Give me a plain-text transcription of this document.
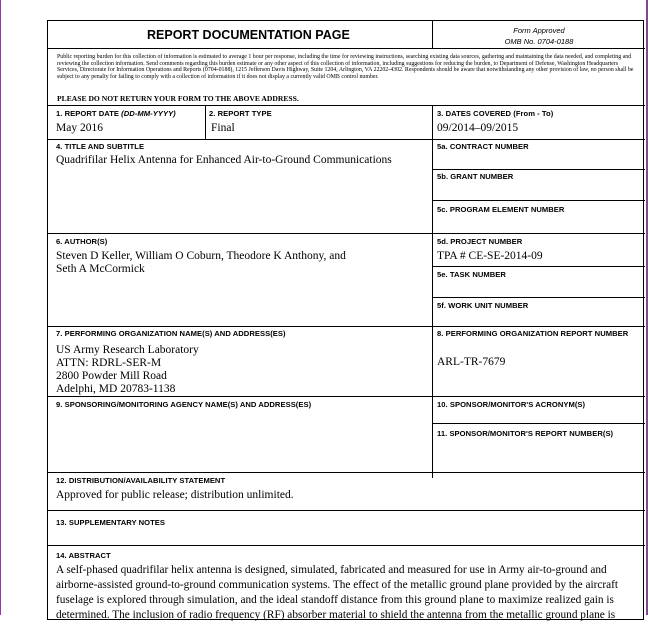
REPORT DOCUMENTATION PAGE	Form Approved
OMB No. 0704-0188
Public reporting burden for this collection of information is estimated to average 1 hour per response, including the time for reviewing instructions, searching existing data sources, gathering and maintaining the data needed, and completing and reviewing the collection information. Send comments regarding this burden estimate or any other aspect of this collection of information, including suggestions for reducing the burden, to Department of Defense, Washington Headquarters Services, Directorate for Information Operations and Reports (0704-0188), 1215 Jefferson Davis Highway, Suite 1204, Arlington, VA 22202-4302. Respondents should be aware that notwithstanding any other provision of law, no person shall be subject to any penalty for failing to comply with a collection of information if it does not display a currently valid OMB control number.
PLEASE DO NOT RETURN YOUR FORM TO THE ABOVE ADDRESS.
1. REPORT DATE (DD-MM-YYYY)
May 2016
2. REPORT TYPE
Final
3. DATES COVERED (From - To)
09/2014–09/2015
4. TITLE AND SUBTITLE
Quadrifilar Helix Antenna for Enhanced Air-to-Ground Communications
5a. CONTRACT NUMBER
5b. GRANT NUMBER
5c. PROGRAM ELEMENT NUMBER
6. AUTHOR(S)
Steven D Keller, William O Coburn, Theodore K Anthony, and
Seth A McCormick
5d. PROJECT NUMBER
TPA # CE-SE-2014-09
5e. TASK NUMBER
5f. WORK UNIT NUMBER
7. PERFORMING ORGANIZATION NAME(S) AND ADDRESS(ES)
US Army Research Laboratory
ATTN: RDRL-SER-M
2800 Powder Mill Road
Adelphi, MD 20783-1138
8. PERFORMING ORGANIZATION REPORT NUMBER
ARL-TR-7679
9. SPONSORING/MONITORING AGENCY NAME(S) AND ADDRESS(ES)	10. SPONSOR/MONITOR'S ACRONYM(S)
11. SPONSOR/MONITOR'S REPORT NUMBER(S)
12. DISTRIBUTION/AVAILABILITY STATEMENT
Approved for public release; distribution unlimited.
13. SUPPLEMENTARY NOTES
14. ABSTRACT
A self-phased quadrifilar helix antenna is designed, simulated, fabricated and measured for use in Army air-to-ground and
airborne-assisted ground-to-ground communication systems. The effect of the metallic ground plane provided by the aircraft
fuselage is explored through simulation, and the ideal standoff distance from this ground plane to maximize realized gain is
determined. The inclusion of radio frequency (RF) absorber material to shield the antenna from the metallic ground plane is
